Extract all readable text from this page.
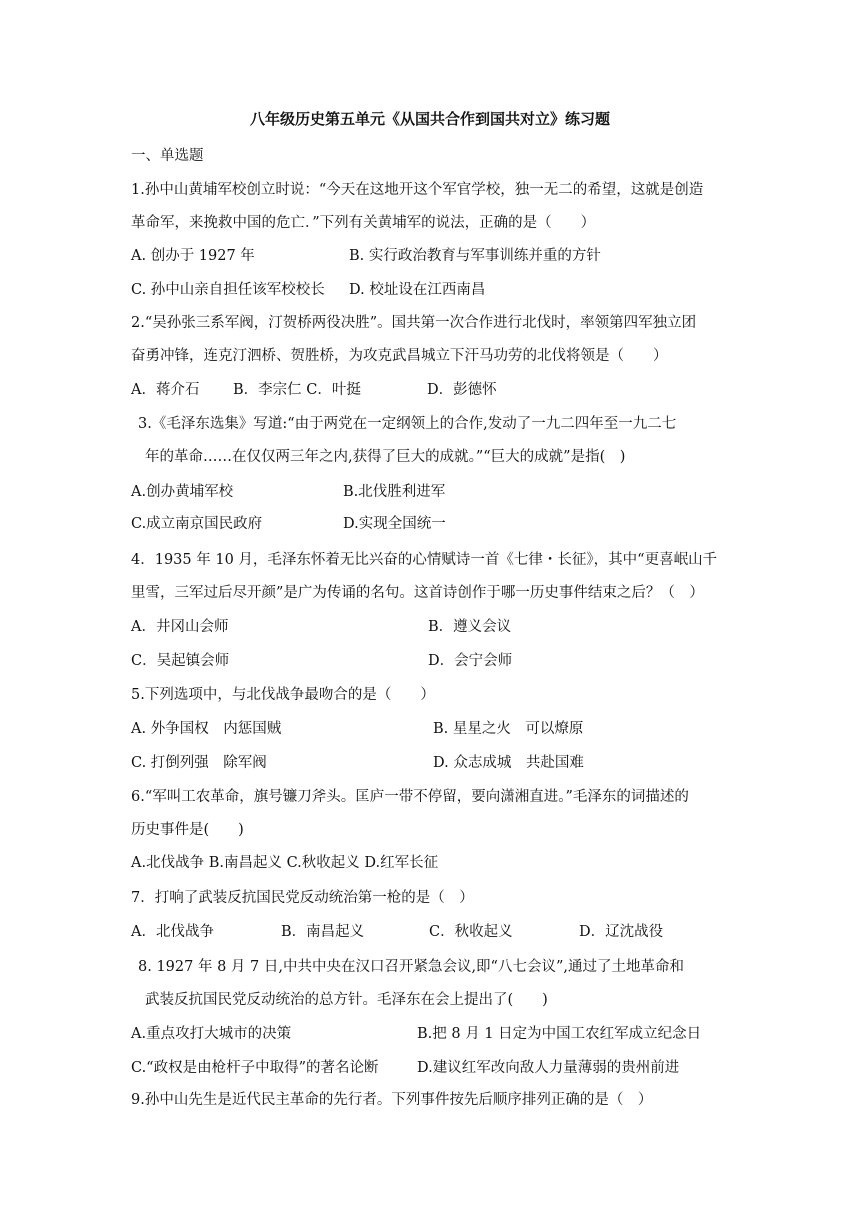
八年级历史第五单元《从国共合作到国共对立》练习题
一、单选题
1.孙中山黄埔军校创立时说：“今天在这地开这个军官学校，独一无二的希望，这就是创造
革命军，来挽救中国的危亡．”下列有关黄埔军的说法，正确的是（　　）
A. 创办于 1927 年	B. 实行政治教育与军事训练并重的方针
C. 孙中山亲自担任该军校校长 D. 校址设在江西南昌
2.“吴孙张三系军阀，汀贺桥两役决胜”。国共第一次合作进行北伐时，率领第四军独立团
奋勇冲锋，连克汀泗桥、贺胜桥，为攻克武昌城立下汗马功劳的北伐将领是（　　）
A．蒋介石 B．李宗仁 C．叶挺	D．彭德怀
3.《毛泽东选集》写道:“由于两党在一定纲领上的合作,发动了一九二四年至一九二七
年的革命……在仅仅两三年之内,获得了巨大的成就。”“巨大的成就”是指(　)
A.创办黄埔军校	B.北伐胜利进军
C.成立南京国民政府	D.实现全国统一
4．1935 年 10 月，毛泽东怀着无比兴奋的心情赋诗一首《七律・长征》，其中“更喜岷山千
里雪，三军过后尽开颜”是广为传诵的名句。这首诗创作于哪一历史事件结束之后？（　）
A．井冈山会师	B．遵义会议
C．吴起镇会师	D．会宁会师
5.下列选项中，与北伐战争最吻合的是（　　）
A. 外争国权　内惩国贼	B. 星星之火　可以燎原
C. 打倒列强　除军阀	D. 众志成城　共赴国难
6.“军叫工农革命，旗号镰刀斧头。匡庐一带不停留，要向潇湘直进。”毛泽东的词描述的
历史事件是(　　)
A.北伐战争 B.南昌起义 C.秋收起义 D.红军长征
7．打响了武装反抗国民党反动统治第一枪的是（　）
A．北伐战争	B．南昌起义	C．秋收起义	D．辽沈战役
8. 1927 年 8 月 7 日,中共中央在汉口召开紧急会议,即“八七会议”,通过了土地革命和
武装反抗国民党反动统治的总方针。毛泽东在会上提出了(　　)
A.重点攻打大城市的决策	B.把 8 月 1 日定为中国工农红军成立纪念日
C.“政权是由枪杆子中取得”的著名论断	D.建议红军改向敌人力量薄弱的贵州前进
9.孙中山先生是近代民主革命的先行者。下列事件按先后顺序排列正确的是（　）
